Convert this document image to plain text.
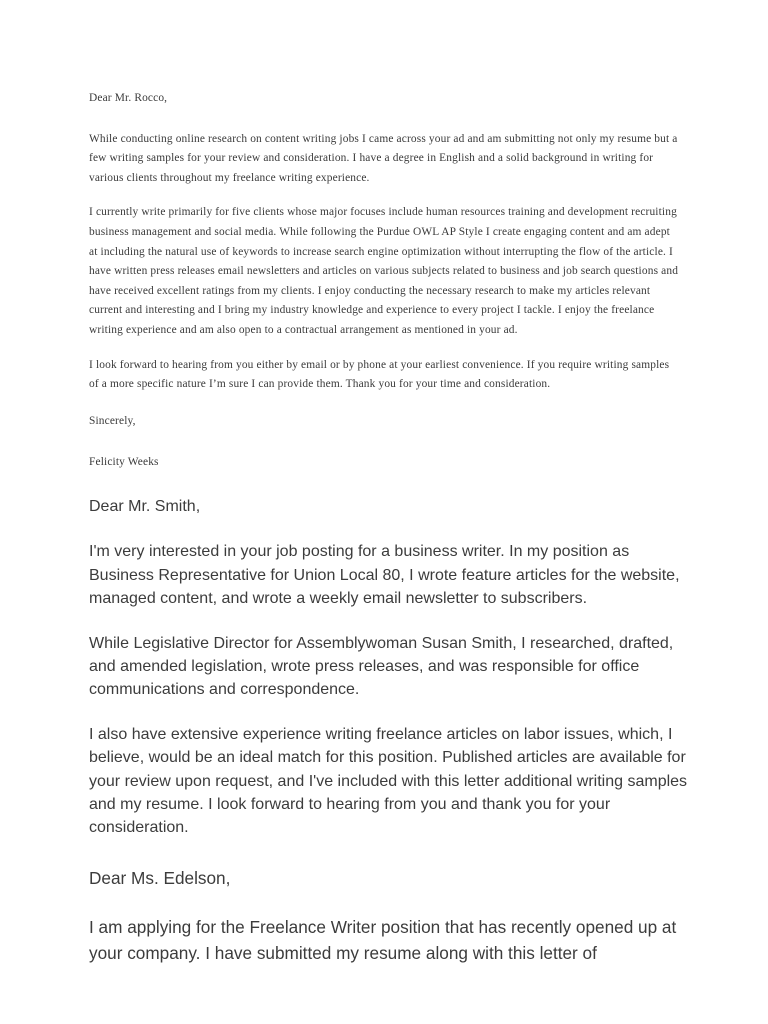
Dear Mr. Rocco,

While conducting online research on content writing jobs I came across your ad and am submitting not only my resume but a few writing samples for your review and consideration. I have a degree in English and a solid background in writing for various clients throughout my freelance writing experience.

I currently write primarily for five clients whose major focuses include human resources training and development recruiting business management and social media. While following the Purdue OWL AP Style I create engaging content and am adept at including the natural use of keywords to increase search engine optimization without interrupting the flow of the article. I have written press releases email newsletters and articles on various subjects related to business and job search questions and have received excellent ratings from my clients. I enjoy conducting the necessary research to make my articles relevant current and interesting and I bring my industry knowledge and experience to every project I tackle. I enjoy the freelance writing experience and am also open to a contractual arrangement as mentioned in your ad.

I look forward to hearing from you either by email or by phone at your earliest convenience. If you require writing samples of a more specific nature I’m sure I can provide them. Thank you for your time and consideration.

Sincerely,

Felicity Weeks

Dear Mr. Smith,

I'm very interested in your job posting for a business writer. In my position as Business Representative for Union Local 80, I wrote feature articles for the website, managed content, and wrote a weekly email newsletter to subscribers.

While Legislative Director for Assemblywoman Susan Smith, I researched, drafted, and amended legislation, wrote press releases, and was responsible for office communications and correspondence.

I also have extensive experience writing freelance articles on labor issues, which, I believe, would be an ideal match for this position. Published articles are available for your review upon request, and I've included with this letter additional writing samples and my resume. I look forward to hearing from you and thank you for your consideration.

Dear Ms. Edelson,

I am applying for the Freelance Writer position that has recently opened up at your company. I have submitted my resume along with this letter of
